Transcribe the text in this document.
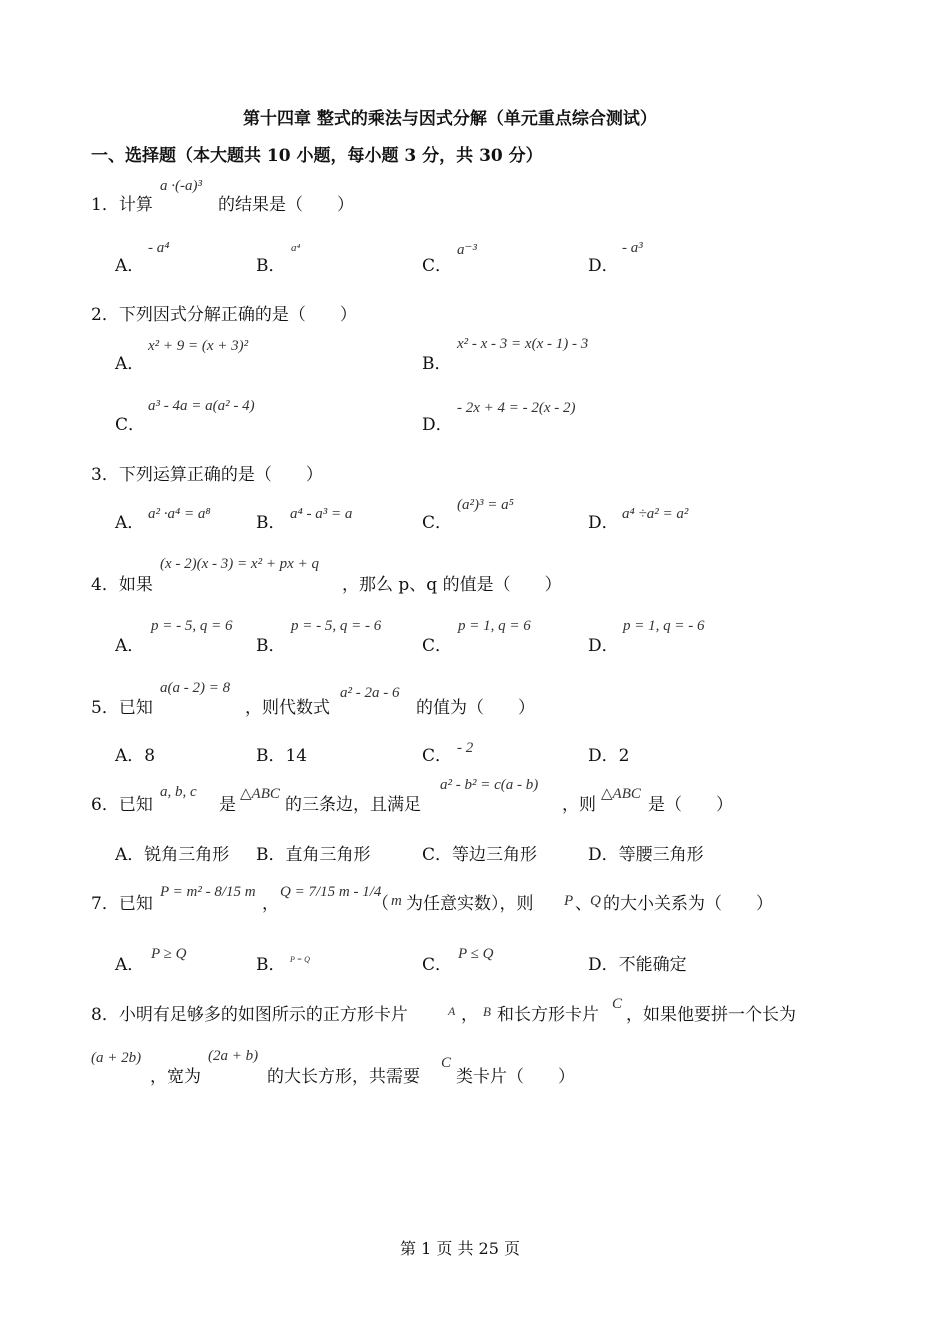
第十四章 整式的乘法与因式分解（单元重点综合测试）
一、选择题（本大题共 10 小题，每小题 3 分，共 30 分）
1．计算
a ·(-a)³
的结果是（　　）
A．
- a⁴
B．
a⁴
C．
a⁻³
D．
- a³
2．下列因式分解正确的是（　　）
A．
x² + 9 = (x + 3)²
B．
x² - x - 3 = x(x - 1) - 3
C．
a³ - 4a = a(a² - 4)
D．
- 2x + 4 = - 2(x - 2)
3．下列运算正确的是（　　）
A． a² ·a⁴ = a⁸	B． a⁴ - a³ = a	C．
(a²)³ = a⁵
D． a⁴ ÷a² = a²
4．如果
(x - 2)(x - 3) = x² + px + q
，那么 p、q 的值是（　　）
A．
p = - 5, q = 6
B．
p = - 5, q = - 6
C．
p = 1, q = 6
D．
p = 1, q = - 6
5．已知
a(a - 2) = 8
，则代数式
a² - 2a - 6
的值为（　　）
A．8	B．14	C． - 2	D．2
6．已知
a, b, c
是
△ABC
的三条边，且满足
a² - b² = c(a - b)
，则
△ABC
是（　　）
A．锐角三角形 B．直角三角形	C．等边三角形	D．等腰三角形
7．已知
P = m² - 8/15 m
，
Q = 7/15 m - 1/4
（ m 为任意实数），则 P 、
Q 的大小关系为（　　）
A．
P ≥ Q
B． P = Q	C．
P ≤ Q
D．不能确定
8．小明有足够多的如图所示的正方形卡片	A ， B 和长方形卡片
C
，如果他要拼一个长为
(a + 2b)
，宽为
(2a + b)
的大长方形，共需要
C
类卡片（　　）
第 1 页 共 25 页
